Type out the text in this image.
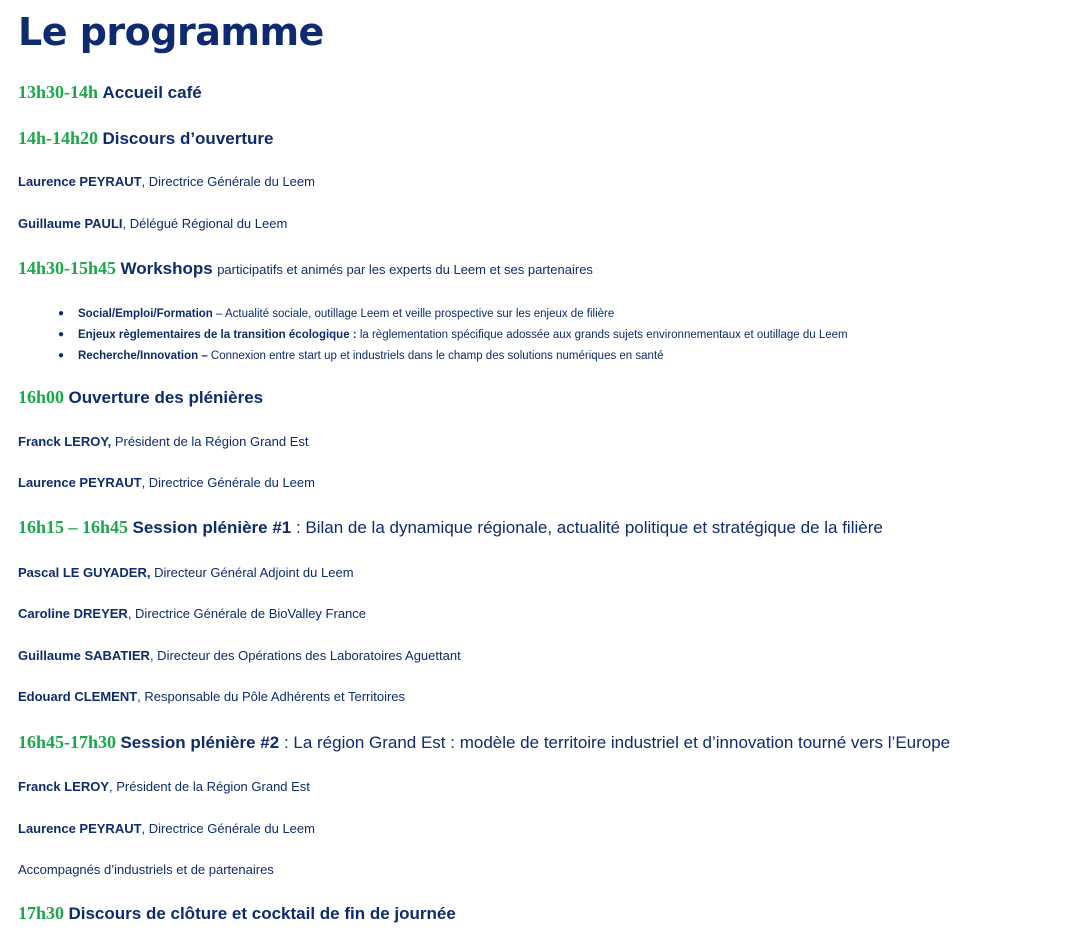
Le programme
13h30-14h Accueil café
14h-14h20 Discours d’ouverture
Laurence PEYRAUT, Directrice Générale du Leem
Guillaume PAULI, Délégué Régional du Leem
14h30-15h45 Workshops participatifs et animés par les experts du Leem et ses partenaires
● Social/Emploi/Formation – Actualité sociale, outillage Leem et veille prospective sur les enjeux de filière
● Enjeux règlementaires de la transition écologique : la règlementation spécifique adossée aux grands sujets environnementaux et outillage du Leem
● Recherche/Innovation – Connexion entre start up et industriels dans le champ des solutions numériques en santé
16h00 Ouverture des plénières
Franck LEROY, Président de la Région Grand Est
Laurence PEYRAUT, Directrice Générale du Leem
16h15 – 16h45 Session plénière #1 : Bilan de la dynamique régionale, actualité politique et stratégique de la filière
Pascal LE GUYADER, Directeur Général Adjoint du Leem
Caroline DREYER, Directrice Générale de BioValley France
Guillaume SABATIER, Directeur des Opérations des Laboratoires Aguettant
Edouard CLEMENT, Responsable du Pôle Adhérents et Territoires
16h45-17h30 Session plénière #2 : La région Grand Est : modèle de territoire industriel et d’innovation tourné vers l’Europe
Franck LEROY, Président de la Région Grand Est
Laurence PEYRAUT, Directrice Générale du Leem
Accompagnés d’industriels et de partenaires
17h30 Discours de clôture et cocktail de fin de journée
